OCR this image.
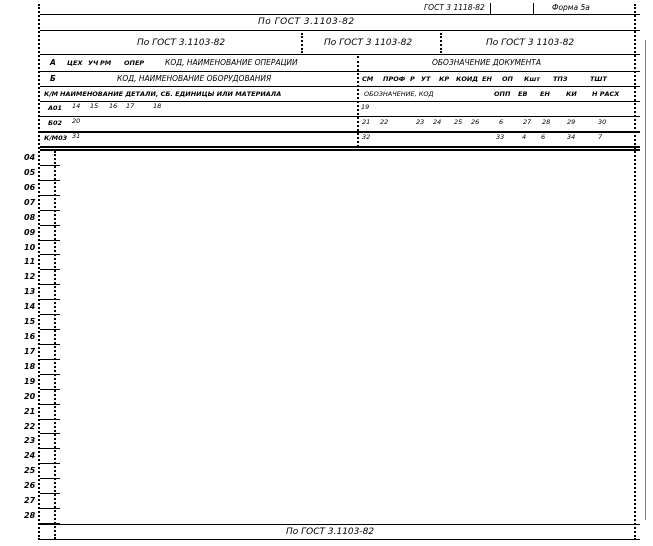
ГОСТ 3 1118-82	Форма 5а
По ГОСТ 3.1103-82
По ГОСТ 3.1103-82	По ГОСТ 3 1103-82	По ГОСТ 3 1103-82
А ЦЕХ УЧ РМ ОПЕР	КОД, НАИМЕНОВАНИЕ ОПЕРАЦИИ	ОБОЗНАЧЕНИЕ ДОКУМЕНТА
Б	КОД, НАИМЕНОВАНИЕ ОБОРУДОВАНИЯ	СМ ПРОФ Р УТ КР КОИД ЕН ОП Кшт ТПЗ	ТШТ
К/М НАИМЕНОВАНИЕ ДЕТАЛИ, СБ. ЕДИНИЦЫ ИЛИ МАТЕРИАЛА	ОБОЗНАЧЕНИЕ, КОД	ОПП ЕВ ЕН КИ Н РАСХ
А01 14 15 16 17	18	19
Б02 20	21 22	23 24 25 26	6	27 28	29	30
К/М03 31	32	33	4 6	34	7
04
05
06
07
08
09
10
11
12
13
14
15
16
17
18
19
20
21
22
23
24
25
26
27
28
По ГОСТ 3.1103-82
